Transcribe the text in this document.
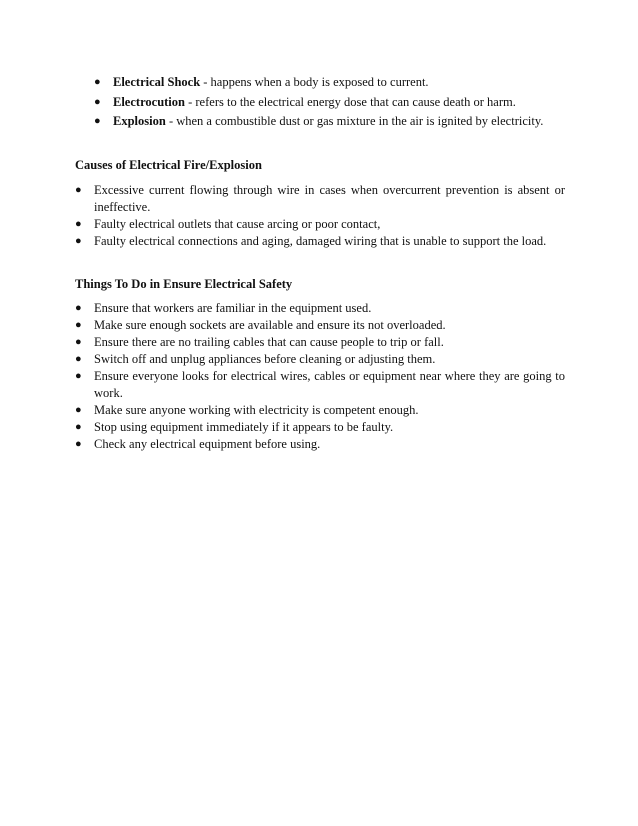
● Electrical Shock - happens when a body is exposed to current.
● Electrocution - refers to the electrical energy dose that can cause death or harm.
● Explosion - when a combustible dust or gas mixture in the air is ignited by electricity.
Causes of Electrical Fire/Explosion
● Excessive current flowing through wire in cases when overcurrent prevention is absent or ineffective.
● Faulty electrical outlets that cause arcing or poor contact,
● Faulty electrical connections and aging, damaged wiring that is unable to support the load.
Things To Do in Ensure Electrical Safety
● Ensure that workers are familiar in the equipment used.
● Make sure enough sockets are available and ensure its not overloaded.
● Ensure there are no trailing cables that can cause people to trip or fall.
● Switch off and unplug appliances before cleaning or adjusting them.
● Ensure everyone looks for electrical wires, cables or equipment near where they are going to work.
● Make sure anyone working with electricity is competent enough.
● Stop using equipment immediately if it appears to be faulty.
● Check any electrical equipment before using.
